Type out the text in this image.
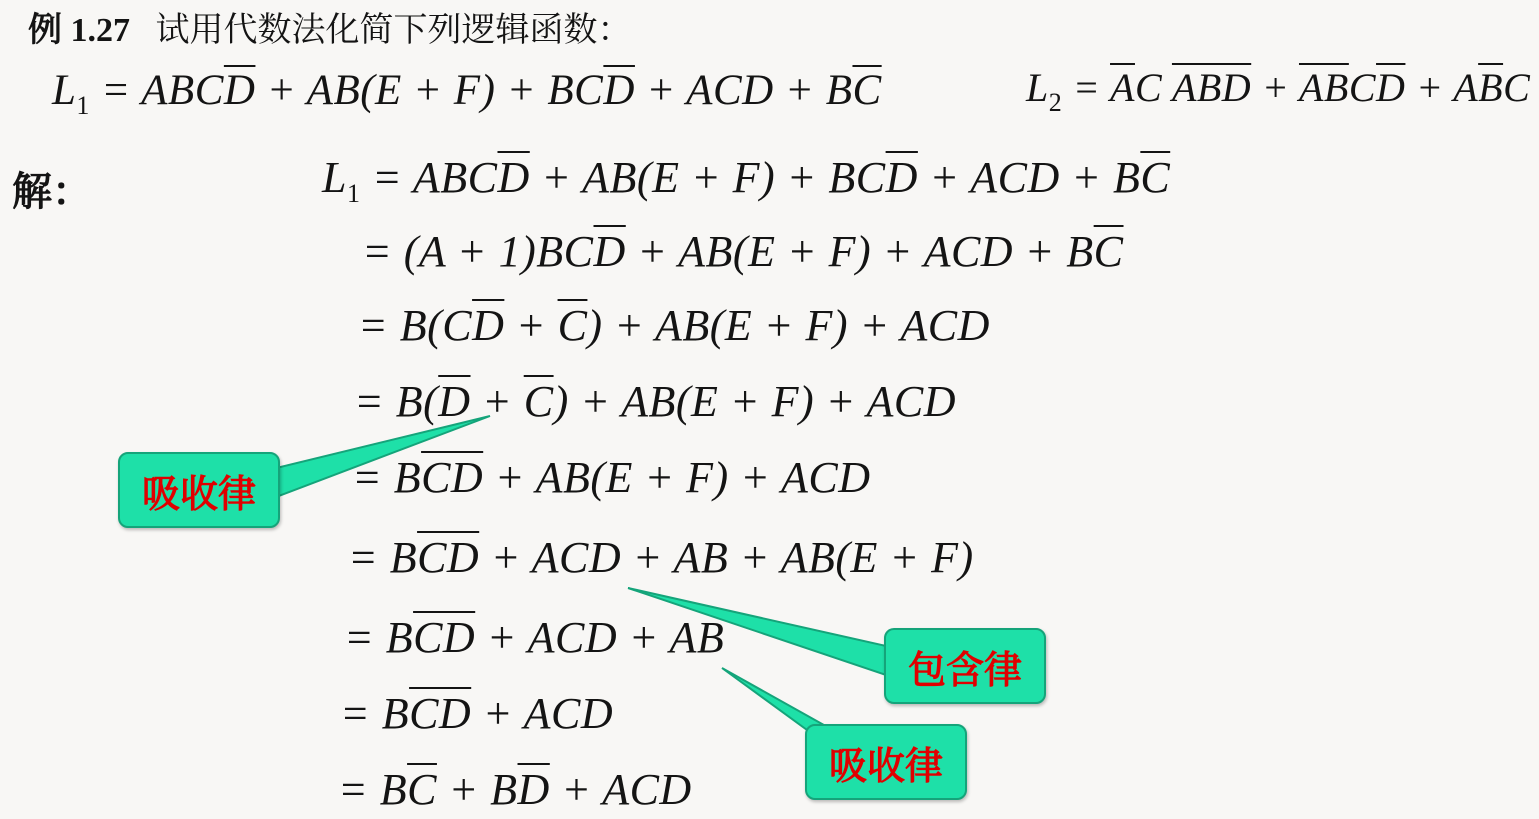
例 1.27 试用代数法化简下列逻辑函数：
$L_1 = ABC\overline{D} + AB(E + F) + BC\overline{D}$ + ACD + $B\overline{C}$	$L_2 = \overline{A}C$ $\overline{ABD} + \overline{AB}C\overline{D} + A\overline{B}C$
解：	$L_1 = ABC\overline{D} + AB(E + F) + BC\overline{D}$ + ACD + $B\overline{C}$
= $(A + 1)BC\overline{D} + AB(E + F)$ + ACD + $B\overline{C}$
= $B(C\overline{D} + \overline{C}) + AB(E + F)$ + ACD
= $B(\overline{D} + \overline{C}) + AB(E + F)$ + ACD
= $B\overline{CD} + AB(E + F)$ + ACD
= $B\overline{CD}$ + ACD + AB + AB(E + F)
= $B\overline{CD}$ + ACD + AB
= $B\overline{CD}$ + ACD
= $B\overline{C} + B\overline{D}$ + ACD
吸收律
包含律
吸收律
